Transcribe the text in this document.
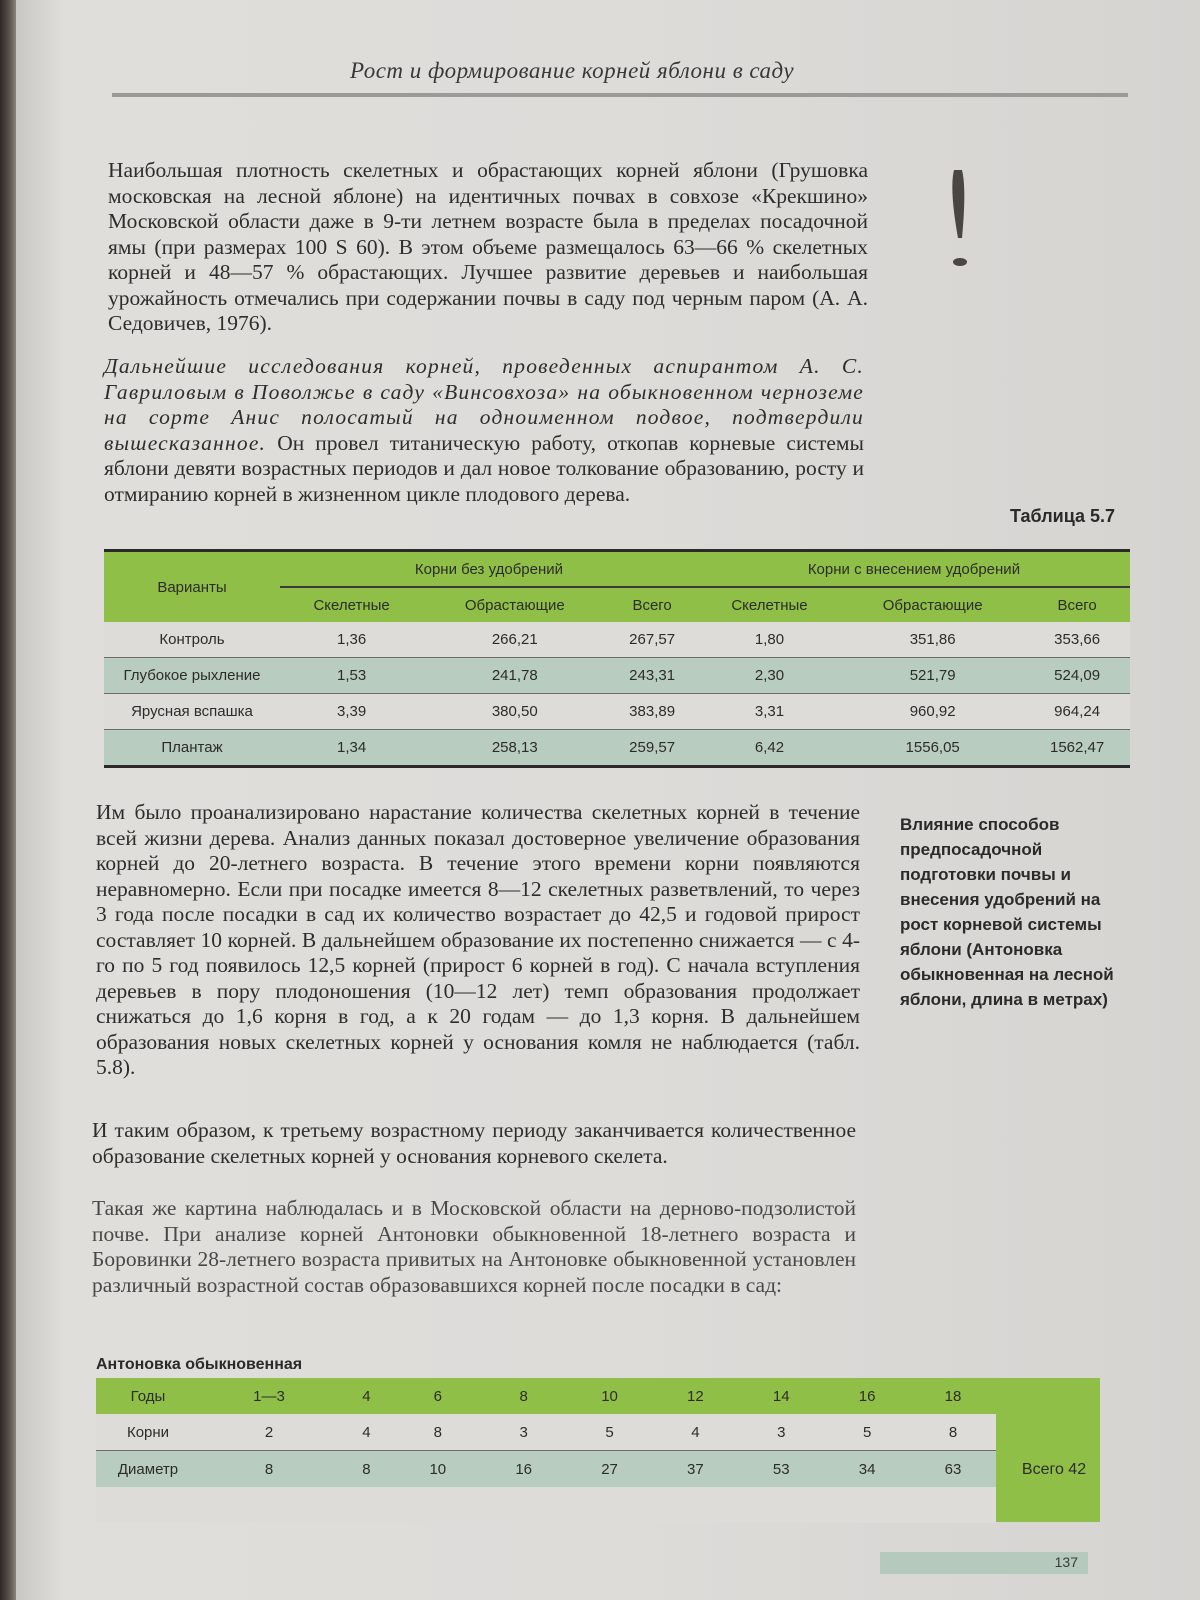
Рост и формирование корней яблони в саду
Наибольшая плотность скелетных и обрастающих корней яблони (Грушовка московская на лесной яблоне) на идентичных почвах в совхозе «Крекшино» Московской области даже в 9-ти летнем возрасте была в пределах посадочной ямы (при размерах 100 S 60). В этом объеме размещалось 63—66 % скелетных корней и 48—57 % обрастающих. Лучшее развитие деревьев и наибольшая урожайность отмечались при содержании почвы в саду под черным паром (А. А. Седовичев, 1976).
Дальнейшие исследования корней, проведенных аспирантом А. С. Гавриловым в Поволжье в саду «Винсовхоза» на обыкновенном черноземе на сорте Анис полосатый на одноименном подвое, подтвердили вышесказанное. Он провел титаническую работу, откопав корневые системы яблони девяти возрастных периодов и дал новое толкование образованию, росту и отмиранию корней в жизненном цикле плодового дерева.
Таблица 5.7
Варианты	Корни без удобрений			Корни с внесением удобрений		
	Скелетные	Обрастающие	Всего	Скелетные	Обрастающие	Всего
Контроль	1,36	266,21	267,57	1,80	351,86	353,66
Глубокое рыхление	1,53	241,78	243,31	2,30	521,79	524,09
Ярусная вспашка	3,39	380,50	383,89	3,31	960,92	964,24
Плантаж	1,34	258,13	259,57	6,42	1556,05	1562,47
Им было проанализировано нарастание количества скелетных корней в течение всей жизни дерева. Анализ данных показал достоверное увеличение образования корней до 20-летнего возраста. В течение этого времени корни появляются неравномерно. Если при посадке имеется 8—12 скелетных разветвлений, то через 3 года после посадки в сад их количество возрастает до 42,5 и годовой прирост составляет 10 корней. В дальнейшем образование их постепенно снижается — с 4-го по 5 год появилось 12,5 корней (прирост 6 корней в год). С начала вступления деревьев в пору плодоношения (10—12 лет) темп образования продолжает снижаться до 1,6 корня в год, а к 20 годам — до 1,3 корня. В дальнейшем образования новых скелетных корней у основания комля не наблюдается (табл. 5.8).
Влияние способов предпосадочной подготовки почвы и внесения удобрений на рост корневой системы яблони (Антоновка обыкновенная на лесной яблони, длина в метрах)
И таким образом, к третьему возрастному периоду заканчивается количественное образование скелетных корней у основания корневого скелета.
Такая же картина наблюдалась и в Московской области на дерново-подзолистой почве. При анализе корней Антоновки обыкновенной 18-летнего возраста и Боровинки 28-летнего возраста привитых на Антоновке обыкновенной установлен различный возрастной состав образовавшихся корней после посадки в сад:
Антоновка обыкновенная
Годы	1—3	4	6	8	10	12	14	16	18
Корни	2	4	8	3	5	4	3	5	8
Диаметр	8	8	10	16	27	37	53	34	63
										Всего 42
137
